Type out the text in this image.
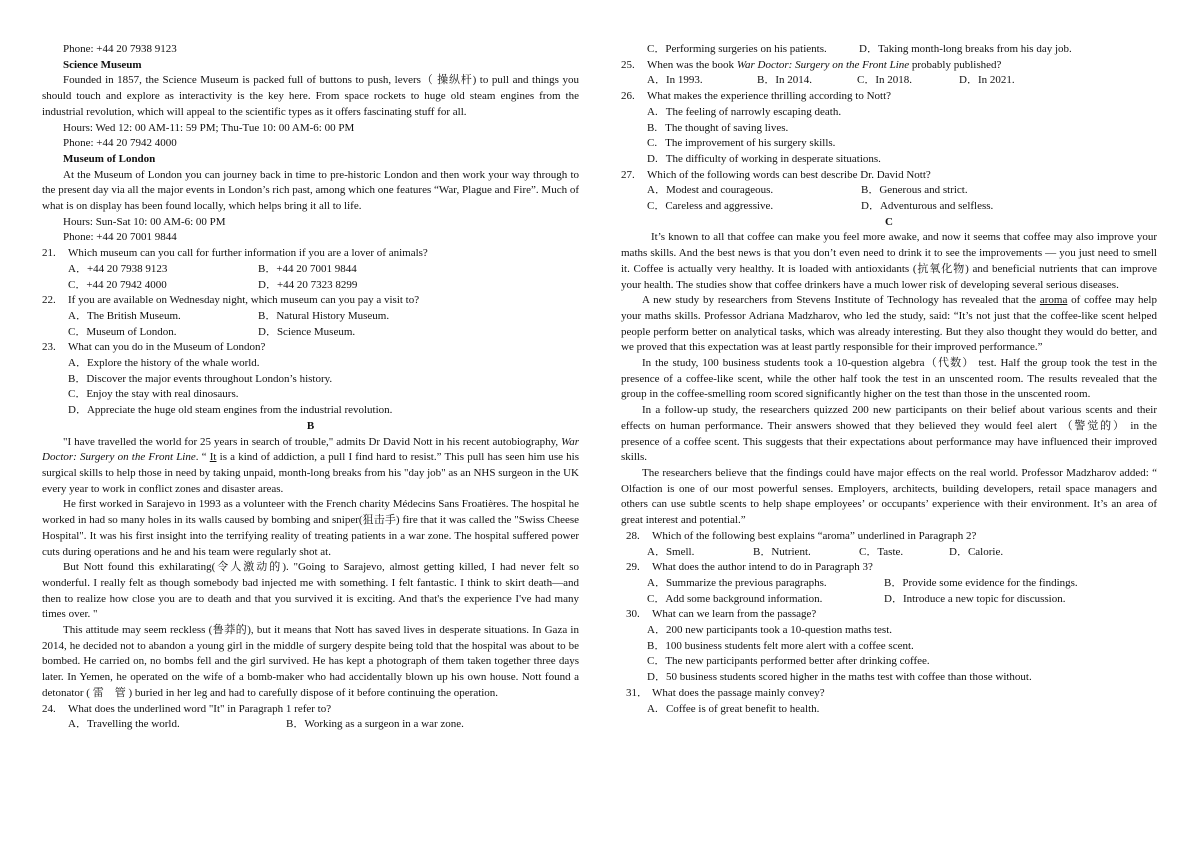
Phone: +44 20 7938 9123

Science Museum

Founded in 1857, the Science Museum is packed full of buttons to push, levers（ 操纵杆) to pull and things you should touch and explore as interactivity is the key here. From space rockets to huge old steam engines from the industrial revolution, which will appeal to the scientific types as it offers fascinating stuff for all.

Hours: Wed 12: 00 AM-11: 59 PM; Thu-Tue 10: 00 AM-6: 00 PM

Phone: +44 20 7942 4000

Museum of London

At the Museum of London you can journey back in time to pre-historic London and then work your way through to the present day via all the major events in London’s rich past, among which one features “War, Plague and Fire”. Much of what is on display has been found locally, which helps bring it all to life.

Hours: Sun-Sat 10: 00 AM-6: 00 PM

Phone: +44 20 7001 9844

21.	Which museum can you call for further information if you are a lover of animals?
A．+44 20 7938 9123	B．+44 20 7001 9844
C．+44 20 7942 4000	D．+44 20 7323 8299
22.	If you are available on Wednesday night, which museum can you pay a visit to?
A．The British Museum.	B．Natural History Museum.
C．Museum of London.	D．Science Museum.
23.	What can you do in the Museum of London?

A．Explore the history of the whale world.

B．Discover the major events throughout London’s history.

C．Enjoy the stay with real dinosaurs.

D．Appreciate the huge old steam engines from the industrial revolution.

B

"I have travelled the world for 25 years in search of trouble," admits Dr David Nott in his recent autobiography, War Doctor: Surgery on the Front Line. “ It is a kind of addiction, a pull I find hard to resist.” This pull has seen him use his surgical skills to help those in need by taking unpaid, month-long breaks from his "day job" as an NHS surgeon in the UK every year to work in conflict zones and disaster areas.

He first worked in Sarajevo in 1993 as a volunteer with the French charity Médecins Sans Froatières. The hospital he worked in had so many holes in its walls caused by bombing and sniper(狙击手) fire that it was called the "Swiss Cheese Hospital". It was his first insight into the terrifying reality of treating patients in a war zone. The hospital suffered power cuts during operations and he and his team were regularly shot at.

But Nott found this exhilarating(令人激动的). "Going to Sarajevo, almost getting killed, I had never felt so wonderful. I really felt as though somebody bad injected me with something. I felt fantastic. I think to skirt death—and then to realize how close you are to death and that you survived it is exciting. And that's the experience I've had many times over. "

This attitude may seem reckless (鲁莽的), but it means that Nott has saved lives in desperate situations. In Gaza in 2014, he decided not to abandon a young girl in the middle of surgery despite being told that the hospital was about to be bombed. He carried on, no bombs fell and the girl survived. He has kept a photograph of them taken together three days later. In Yemen, he operated on the wife of a bomb-maker who had accidentally blown up his own house. Nott found a detonator ( 雷　管 ) buried in her leg and had to carefully dispose of it before continuing the operation.

24.	What does the underlined word "It" in Paragraph 1 refer to?
A．Travelling the world.	B．Working as a surgeon in a war zone.
C．Performing surgeries on his patients.	D．Taking month-long breaks from his day job.
25.	When was the book War Doctor: Surgery on the Front Line probably published?
A．In 1993.	B．In 2014.	C．In 2018.	D．In 2021.
26.	What makes the experience thrilling according to Nott?

A.   The feeling of narrowly escaping death.

B.   The thought of saving lives.

C.   The improvement of his surgery skills.

D.   The difficulty of working in desperate situations.

27.	Which of the following words can best describe Dr. David Nott?
A．Modest and courageous.	B．Generous and strict.
C．Careless and aggressive.	D．Adventurous and selfless.

C

It’s known to all that coffee can make you feel more awake, and now it seems that coffee may also improve your maths skills. And the best news is that you don’t even need to drink it to see the improvements — you just need to smell it. Coffee is actually very healthy. It is loaded with antioxidants (抗氧化物) and beneficial nutrients that can improve your health. The studies show that coffee drinkers have a much lower risk of developing several serious diseases.

A new study by researchers from Stevens Institute of Technology has revealed that the aroma of coffee may help your maths skills. Professor Adriana Madzharov, who led the study, said: “It’s not just that the coffee-like scent helped people perform better on analytical tasks, which was already interesting. But they also thought they would do better, and we proved that this expectation was at least partly responsible for their improved performance.”

In the study, 100 business students took a 10-question algebra（代数） test. Half the group took the test in the presence of a coffee-like scent, while the other half took the test in an unscented room. The results revealed that the group in the coffee-smelling room scored significantly higher on the test than those in the unscented room.

In a follow-up study, the researchers quizzed 200 new participants on their belief about various scents and their effects on human performance. Their answers showed that they believed they would feel alert （警觉的） in the presence of a coffee scent. This suggests that their expectations about performance may have influenced their improved skills.

The researchers believe that the findings could have major effects on the real world. Professor Madzharov added: “ Olfaction is one of our most powerful senses. Employers, architects, building developers, retail space managers and others can use subtle scents to help shape employees’ or occupants’ experience with their environment. It’s an area of great interest and potential.”

28.	Which of the following best explains “aroma” underlined in Paragraph 2?
A．Smell.	B．Nutrient.	C．Taste.	D．Calorie.
29.	What does the author intend to do in Paragraph 3?
A．Summarize the previous paragraphs.	B．Provide some evidence for the findings.
C．Add some background information.	D．Introduce a new topic for discussion.
30.	What can we learn from the passage?

A．200 new participants took a 10-question maths test.

B．100 business students felt more alert with a coffee scent.

C．The new participants performed better after drinking coffee.

D．50 business students scored higher in the maths test with coffee than those without.

31． What does the passage mainly convey?

A.   Coffee is of great benefit to health.
